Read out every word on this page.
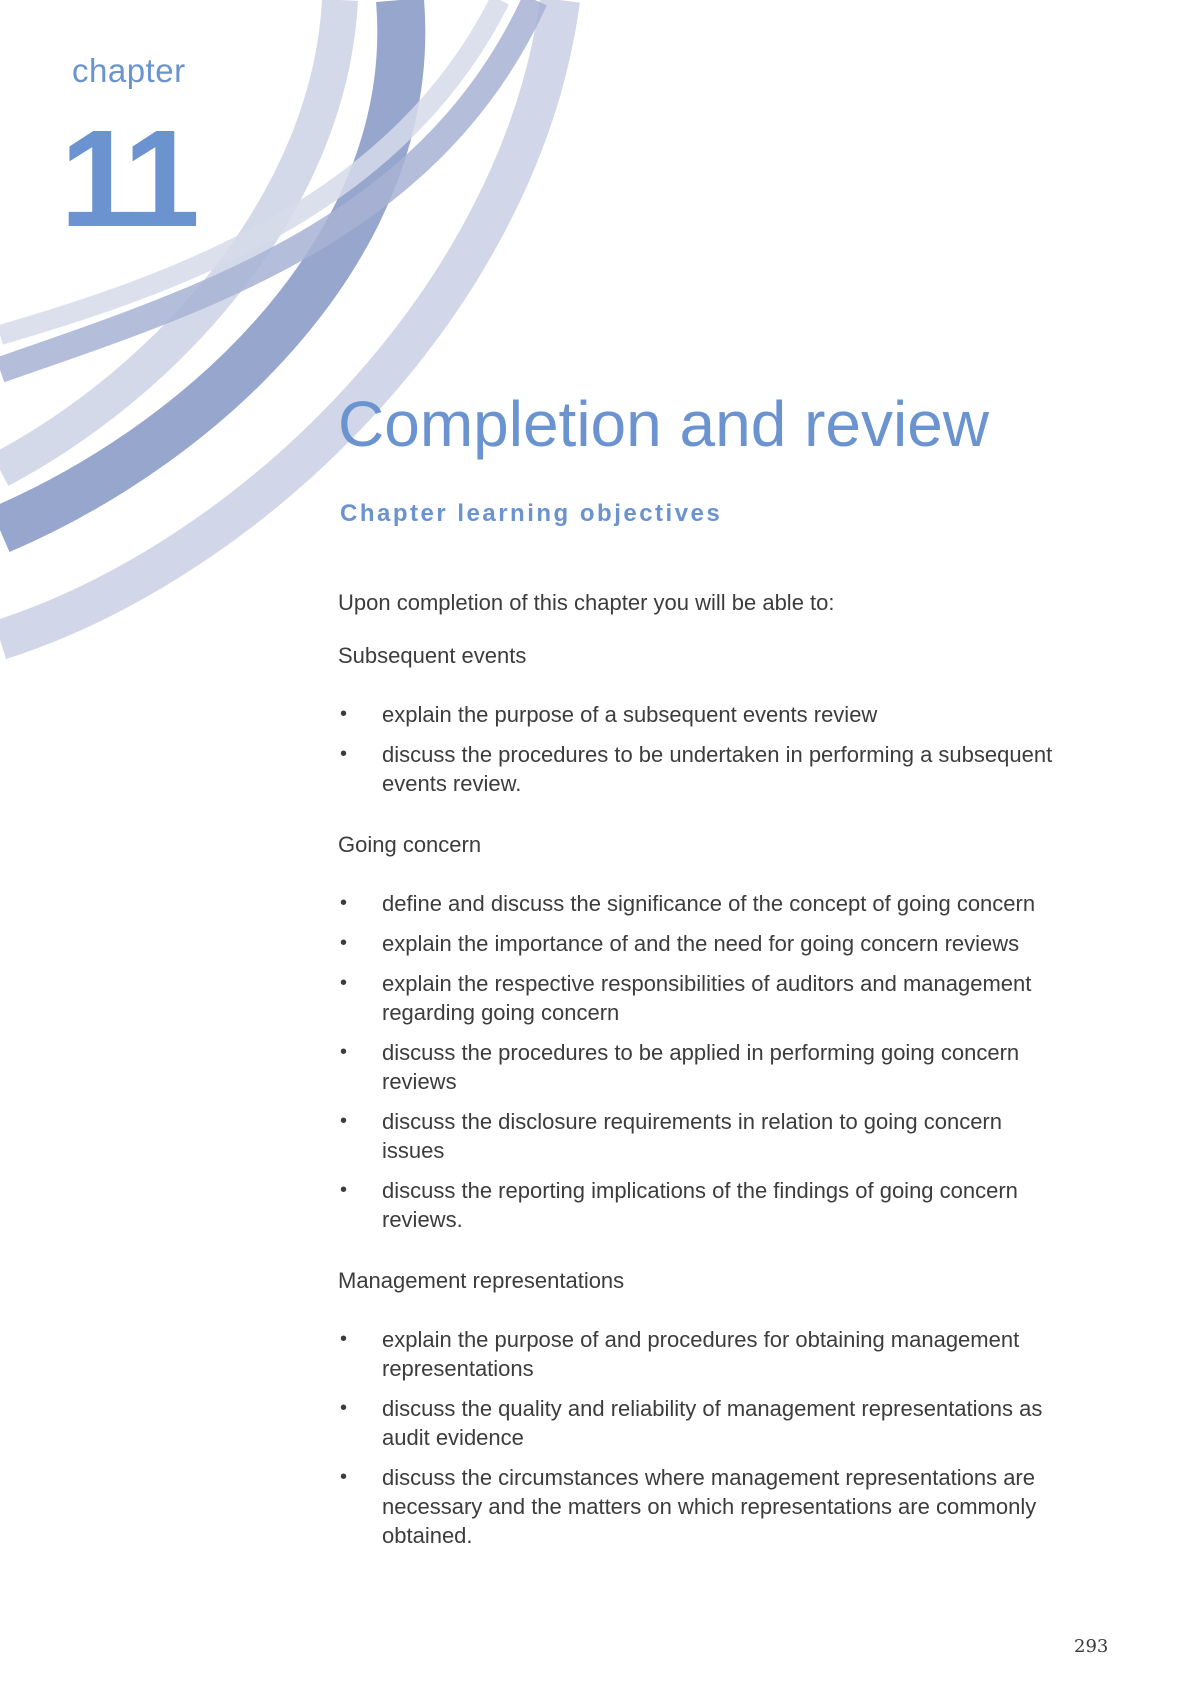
chapter
11
Completion and review
Chapter learning objectives

Upon completion of this chapter you will be able to:

Subsequent events

• explain the purpose of a subsequent events review
• discuss the procedures to be undertaken in performing a subsequent events review.

Going concern

• define and discuss the significance of the concept of going concern
• explain the importance of and the need for going concern reviews
• explain the respective responsibilities of auditors and management regarding going concern
• discuss the procedures to be applied in performing going concern reviews
• discuss the disclosure requirements in relation to going concern issues
• discuss the reporting implications of the findings of going concern reviews.

Management representations

• explain the purpose of and procedures for obtaining management representations
• discuss the quality and reliability of management representations as audit evidence
• discuss the circumstances where management representations are necessary and the matters on which representations are commonly obtained.
293
